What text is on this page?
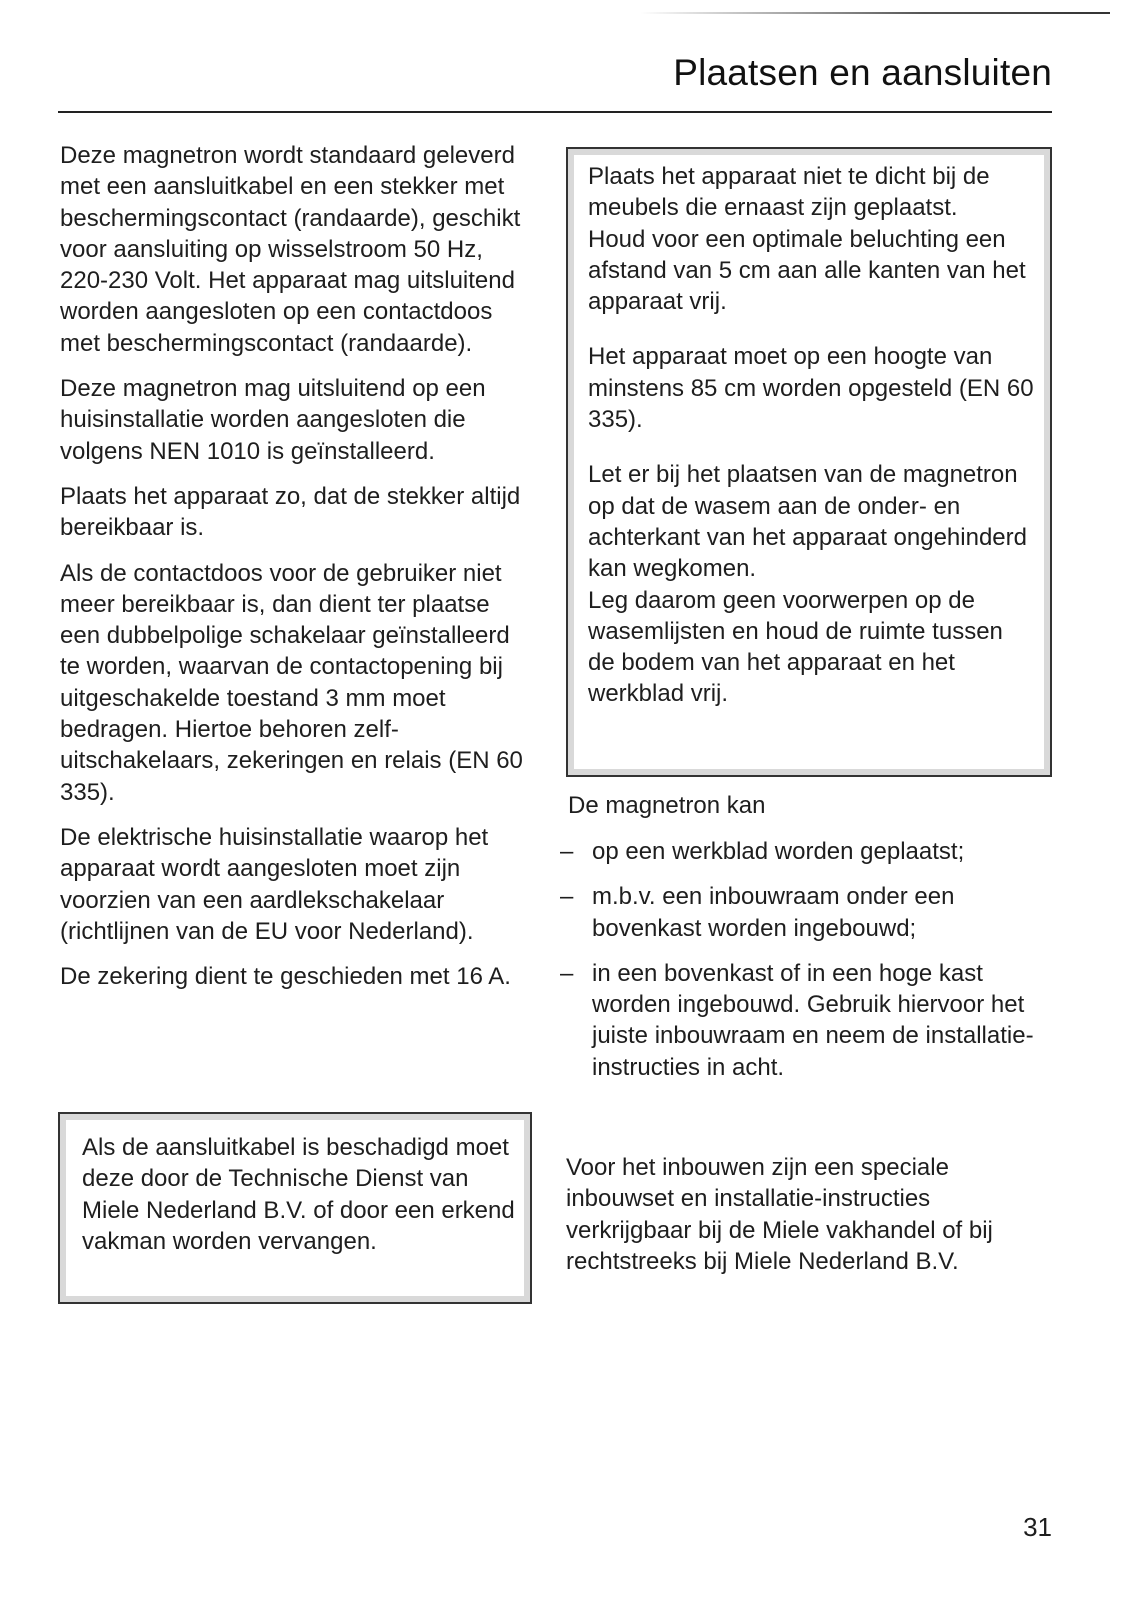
Plaatsen en aansluiten

Deze magnetron wordt standaard geleverd met een aansluitkabel en een stekker met beschermingscontact (randaarde), geschikt voor aansluiting op wisselstroom 50 Hz, 220-230 Volt. Het apparaat mag uitsluitend worden aangesloten op een contactdoos met beschermingscontact (randaarde).

Deze magnetron mag uitsluitend op een huisinstallatie worden aangesloten die volgens NEN 1010 is geïnstalleerd.

Plaats het apparaat zo, dat de stekker altijd bereikbaar is.

Als de contactdoos voor de gebruiker niet meer bereikbaar is, dan dient ter plaatse een dubbelpolige schakelaar geïnstalleerd te worden, waarvan de contactopening bij uitgeschakelde toestand 3 mm moet bedragen. Hiertoe behoren zelf-uitschakelaars, zekeringen en relais (EN 60 335).

De elektrische huisinstallatie waarop het apparaat wordt aangesloten moet zijn voorzien van een aardlekschakelaar (richtlijnen van de EU voor Nederland).

De zekering dient te geschieden met 16 A.

Als de aansluitkabel is beschadigd moet deze door de Technische Dienst van Miele Nederland B.V. of door een erkend vakman worden vervangen.

Plaats het apparaat niet te dicht bij de meubels die ernaast zijn geplaatst.

Houd voor een optimale beluchting een afstand van 5 cm aan alle kanten van het apparaat vrij.

Het apparaat moet op een hoogte van minstens 85 cm worden opgesteld (EN 60 335).

Let er bij het plaatsen van de magnetron op dat de wasem aan de onder- en achterkant van het apparaat ongehinderd kan wegkomen.

Leg daarom geen voorwerpen op de wasemlijsten en houd de ruimte tussen de bodem van het apparaat en het werkblad vrij.

De magnetron kan

– op een werkblad worden geplaatst;
– m.b.v. een inbouwraam onder een bovenkast worden ingebouwd;
– in een bovenkast of in een hoge kast worden ingebouwd. Gebruik hiervoor het juiste inbouwraam en neem de installatie-instructies in acht.

Voor het inbouwen zijn een speciale inbouwset en installatie-instructies verkrijgbaar bij de Miele vakhandel of bij rechtstreeks bij Miele Nederland B.V.

31
